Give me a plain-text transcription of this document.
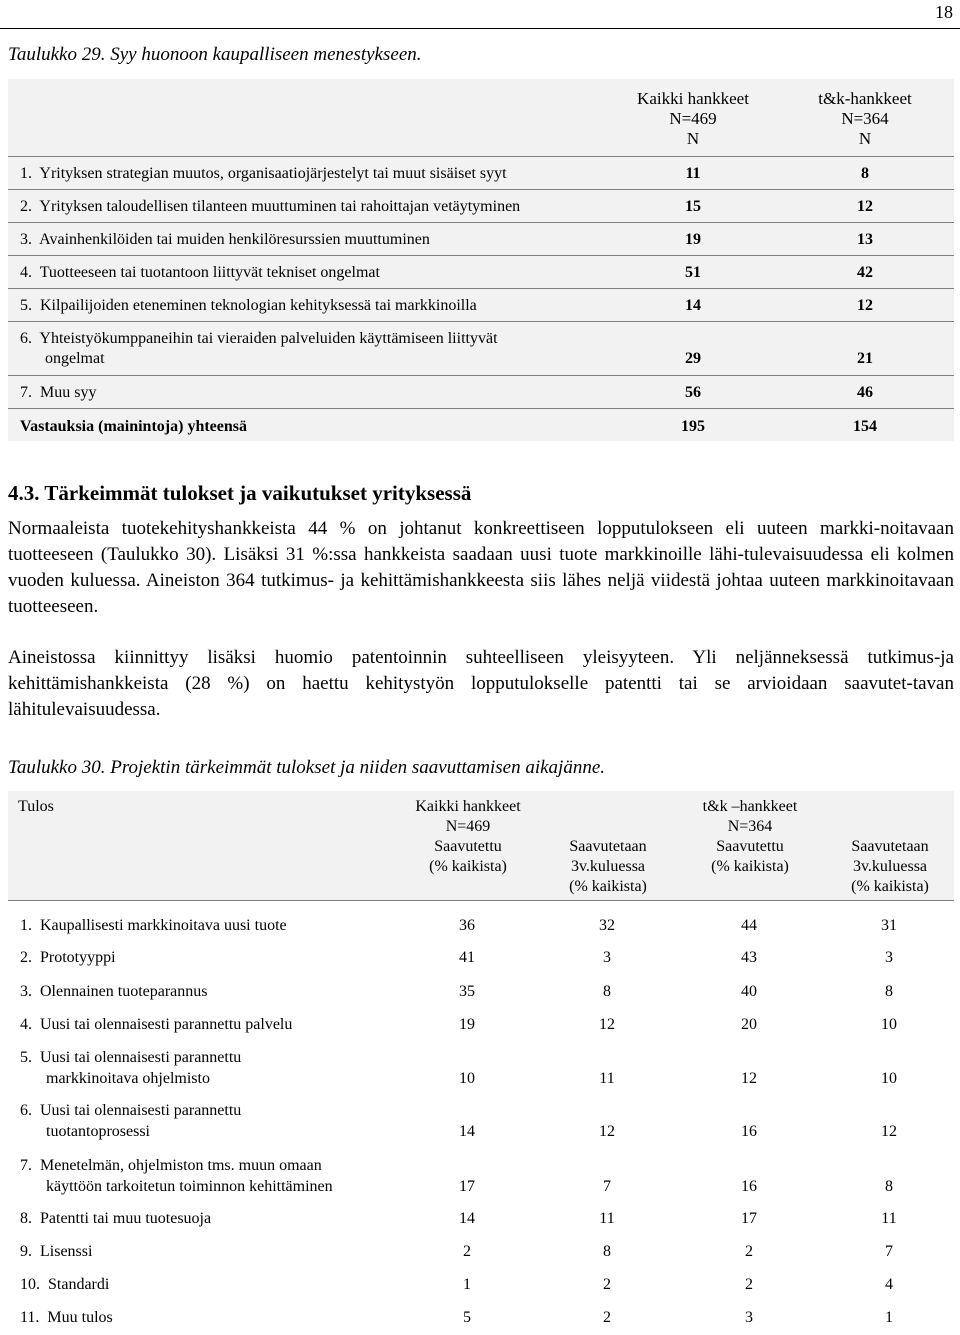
18
Taulukko 29. Syy huonoon kaupalliseen menestykseen.
Kaikki hankkeet
N=469
N
t&k-hankkeet
N=364
N
1. Yrityksen strategian muutos, organisaatiojärjestelyt tai muut sisäiset syyt	11	8
2. Yrityksen taloudellisen tilanteen muuttuminen tai rahoittajan vetäytyminen	15	12
3. Avainhenkilöiden tai muiden henkilöresurssien muuttuminen	19	13
4. Tuotteeseen tai tuotantoon liittyvät tekniset ongelmat	51	42
5. Kilpailijoiden eteneminen teknologian kehityksessä tai markkinoilla	14	12
6. Yhteistyökumppaneihin tai vieraiden palveluiden käyttämiseen liittyvät
ongelmat	29	21
7. Muu syy	56	46
Vastauksia (mainintoja) yhteensä	195	154
4.3. Tärkeimmät tulokset ja vaikutukset yrityksessä
Normaaleista tuotekehityshankkeista 44 % on johtanut konkreettiseen lopputulokseen eli uuteen markki-noitavaan tuotteeseen (Taulukko 30). Lisäksi 31 %:ssa hankkeista saadaan uusi tuote markkinoille lähi-tulevaisuudessa eli kolmen vuoden kuluessa. Aineiston 364 tutkimus- ja kehittämishankkeesta siis lähes neljä viidestä johtaa uuteen markkinoitavaan tuotteeseen.
Aineistossa kiinnittyy lisäksi huomio patentoinnin suhteelliseen yleisyyteen. Yli neljänneksessä tutkimus-ja kehittämishankkeista (28 %) on haettu kehitystyön lopputulokselle patentti tai se arvioidaan saavutet-tavan lähitulevaisuudessa.
Taulukko 30. Projektin tärkeimmät tulokset ja niiden saavuttamisen aikajänne.
Tulos	Kaikki hankkeet
N=469
Saavutettu
(% kaikista)
Saavutetaan
3v.kuluessa
(% kaikista)
t&k –hankkeet
N=364
Saavutettu
(% kaikista)
Saavutetaan
3v.kuluessa
(% kaikista)
1. Kaupallisesti markkinoitava uusi tuote	36	32	44	31
2. Prototyyppi	41	3	43	3
3. Olennainen tuoteparannus	35	8	40	8
4. Uusi tai olennaisesti parannettu palvelu	19	12	20	10
5. Uusi tai olennaisesti parannettu
markkinoitava ohjelmisto	10	11	12	10
6. Uusi tai olennaisesti parannettu
tuotantoprosessi	14	12	16	12
7. Menetelmän, ohjelmiston tms. muun omaan
käyttöön tarkoitetun toiminnon kehittäminen	17	7	16	8
8. Patentti tai muu tuotesuoja	14	11	17	11
9. Lisenssi	2	8	2	7
10. Standardi	1	2	2	4
11. Muu tulos	5	2	3	1
